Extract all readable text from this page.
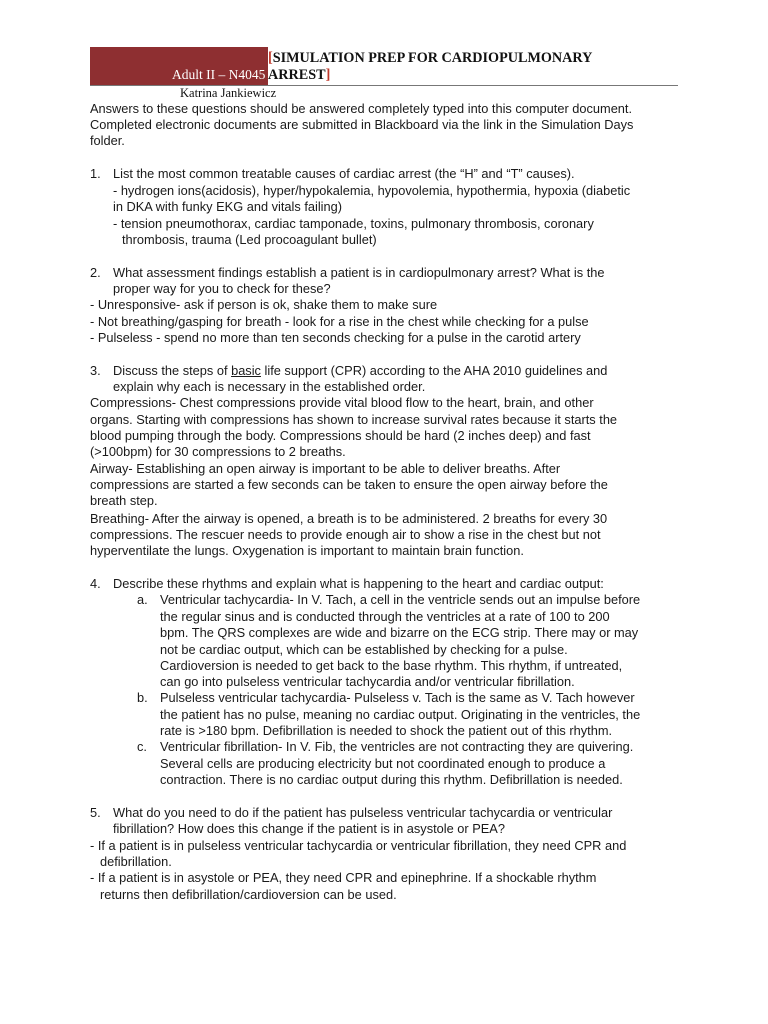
Adult II – N4045
[SIMULATION PREP FOR CARDIOPULMONARY
ARREST]
Katrina Jankiewicz
Answers to these questions should be answered completely typed into this computer document.
Completed electronic documents are submitted in Blackboard via the link in the Simulation Days
folder.
1. List the most common treatable causes of cardiac arrest (the “H” and “T” causes).
- hydrogen ions(acidosis), hyper/hypokalemia, hypovolemia, hypothermia, hypoxia (diabetic
in DKA with funky EKG and vitals failing)
- tension pneumothorax, cardiac tamponade, toxins, pulmonary thrombosis, coronary
thrombosis, trauma (Led procoagulant bullet)
2. What assessment findings establish a patient is in cardiopulmonary arrest? What is the
proper way for you to check for these?
- Unresponsive- ask if person is ok, shake them to make sure
- Not breathing/gasping for breath - look for a rise in the chest while checking for a pulse
- Pulseless - spend no more than ten seconds checking for a pulse in the carotid artery
3. Discuss the steps of basic life support (CPR) according to the AHA 2010 guidelines and
explain why each is necessary in the established order.
Compressions- Chest compressions provide vital blood flow to the heart, brain, and other
organs. Starting with compressions has shown to increase survival rates because it starts the
blood pumping through the body. Compressions should be hard (2 inches deep) and fast
(>100bpm) for 30 compressions to 2 breaths.
Airway- Establishing an open airway is important to be able to deliver breaths. After
compressions are started a few seconds can be taken to ensure the open airway before the
breath step.
Breathing- After the airway is opened, a breath is to be administered. 2 breaths for every 30
compressions. The rescuer needs to provide enough air to show a rise in the chest but not
hyperventilate the lungs. Oxygenation is important to maintain brain function.
4. Describe these rhythms and explain what is happening to the heart and cardiac output:
a. Ventricular tachycardia- In V. Tach, a cell in the ventricle sends out an impulse before
the regular sinus and is conducted through the ventricles at a rate of 100 to 200
bpm. The QRS complexes are wide and bizarre on the ECG strip. There may or may
not be cardiac output, which can be established by checking for a pulse.
Cardioversion is needed to get back to the base rhythm. This rhythm, if untreated,
can go into pulseless ventricular tachycardia and/or ventricular fibrillation.
b. Pulseless ventricular tachycardia- Pulseless v. Tach is the same as V. Tach however
the patient has no pulse, meaning no cardiac output. Originating in the ventricles, the
rate is >180 bpm. Defibrillation is needed to shock the patient out of this rhythm.
c. Ventricular fibrillation- In V. Fib, the ventricles are not contracting they are quivering.
Several cells are producing electricity but not coordinated enough to produce a
contraction. There is no cardiac output during this rhythm. Defibrillation is needed.
5. What do you need to do if the patient has pulseless ventricular tachycardia or ventricular
fibrillation? How does this change if the patient is in asystole or PEA?
- If a patient is in pulseless ventricular tachycardia or ventricular fibrillation, they need CPR and
defibrillation.
- If a patient is in asystole or PEA, they need CPR and epinephrine. If a shockable rhythm
returns then defibrillation/cardioversion can be used.
